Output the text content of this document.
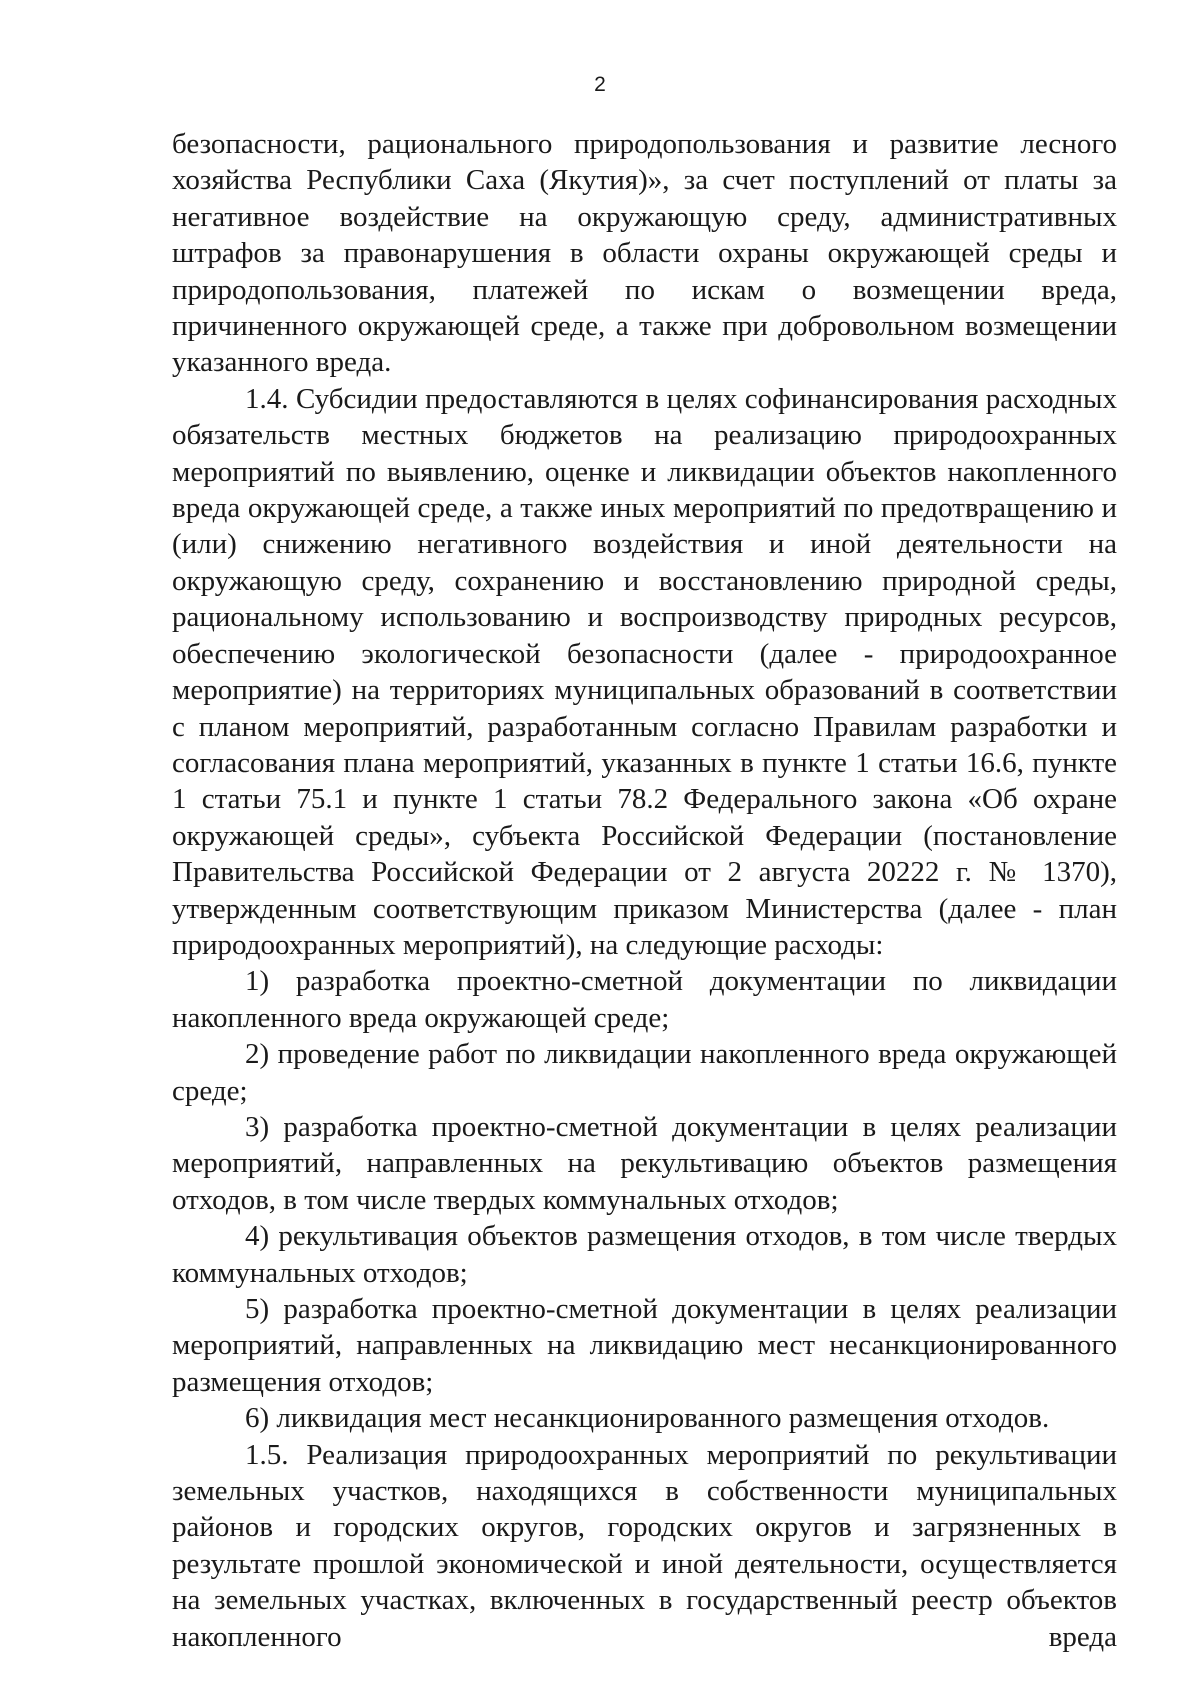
2

безопасности, рационального природопользования и развитие лесного хозяйства Республики Саха (Якутия)», за счет поступлений от платы за негативное воздействие на окружающую среду, административных штрафов за правонарушения в области охраны окружающей среды и природопользования, платежей по искам о возмещении вреда, причиненного окружающей среде, а также при добровольном возмещении указанного вреда.

1.4. Субсидии предоставляются в целях софинансирования расходных обязательств местных бюджетов на реализацию природоохранных мероприятий по выявлению, оценке и ликвидации объектов накопленного вреда окружающей среде, а также иных мероприятий по предотвращению и (или) снижению негативного воздействия и иной деятельности на окружающую среду, сохранению и восстановлению природной среды, рациональному использованию и воспроизводству природных ресурсов, обеспечению экологической безопасности (далее - природоохранное мероприятие) на территориях муниципальных образований в соответствии с планом мероприятий, разработанным согласно Правилам разработки и согласования плана мероприятий, указанных в пункте 1 статьи 16.6, пункте 1 статьи 75.1 и пункте 1 статьи 78.2 Федерального закона «Об охране окружающей среды», субъекта Российской Федерации (постановление Правительства Российской Федерации от 2 августа 20222 г. № 1370), утвержденным соответствующим приказом Министерства (далее - план природоохранных мероприятий), на следующие расходы:

1) разработка проектно-сметной документации по ликвидации накопленного вреда окружающей среде;

2) проведение работ по ликвидации накопленного вреда окружающей среде;

3) разработка проектно-сметной документации в целях реализации мероприятий, направленных на рекультивацию объектов размещения отходов, в том числе твердых коммунальных отходов;

4) рекультивация объектов размещения отходов, в том числе твердых коммунальных отходов;

5) разработка проектно-сметной документации в целях реализации мероприятий, направленных на ликвидацию мест несанкционированного размещения отходов;

6) ликвидация мест несанкционированного размещения отходов.

1.5. Реализация природоохранных мероприятий по рекультивации земельных участков, находящихся в собственности муниципальных районов и городских округов, городских округов и загрязненных в результате прошлой экономической и иной деятельности, осуществляется на земельных участках, включенных в государственный реестр объектов накопленного вреда
